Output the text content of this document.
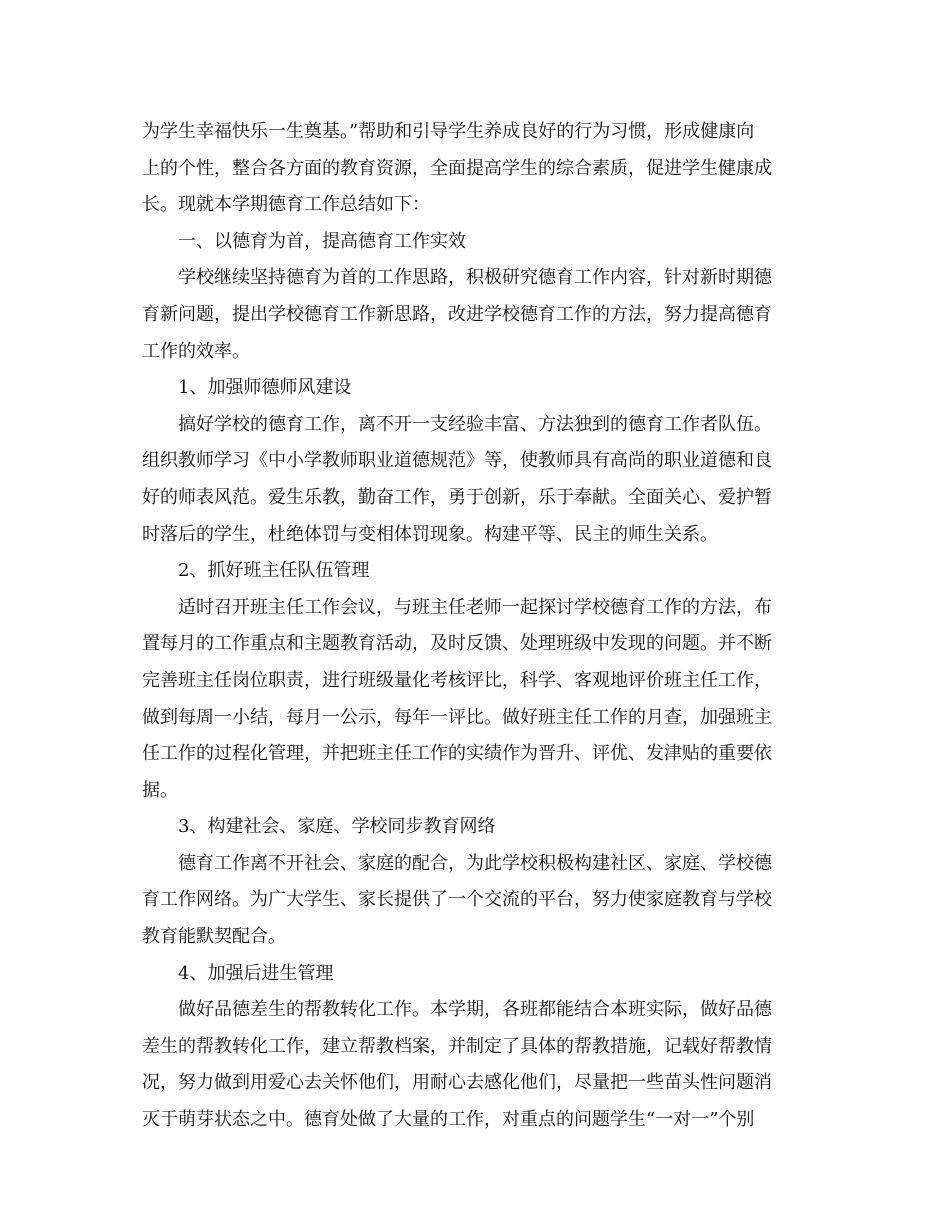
为学生幸福快乐一生奠基。”帮助和引导学生养成良好的行为习惯，形成健康向
上的个性，整合各方面的教育资源，全面提高学生的综合素质，促进学生健康成
长。现就本学期德育工作总结如下：
一、以德育为首，提高德育工作实效
学校继续坚持德育为首的工作思路，积极研究德育工作内容，针对新时期德
育新问题，提出学校德育工作新思路，改进学校德育工作的方法，努力提高德育
工作的效率。
1、加强师德师风建设
搞好学校的德育工作，离不开一支经验丰富、方法独到的德育工作者队伍。
组织教师学习《中小学教师职业道德规范》等，使教师具有高尚的职业道德和良
好的师表风范。爱生乐教，勤奋工作，勇于创新，乐于奉献。全面关心、爱护暂
时落后的学生，杜绝体罚与变相体罚现象。构建平等、民主的师生关系。
2、抓好班主任队伍管理
适时召开班主任工作会议，与班主任老师一起探讨学校德育工作的方法，布
置每月的工作重点和主题教育活动，及时反馈、处理班级中发现的问题。并不断
完善班主任岗位职责，进行班级量化考核评比，科学、客观地评价班主任工作，
做到每周一小结，每月一公示，每年一评比。做好班主任工作的月查，加强班主
任工作的过程化管理，并把班主任工作的实绩作为晋升、评优、发津贴的重要依
据。
3、构建社会、家庭、学校同步教育网络
德育工作离不开社会、家庭的配合，为此学校积极构建社区、家庭、学校德
育工作网络。为广大学生、家长提供了一个交流的平台，努力使家庭教育与学校
教育能默契配合。
4、加强后进生管理
做好品德差生的帮教转化工作。本学期，各班都能结合本班实际，做好品德
差生的帮教转化工作，建立帮教档案，并制定了具体的帮教措施，记载好帮教情
况，努力做到用爱心去关怀他们，用耐心去感化他们，尽量把一些苗头性问题消
灭于萌芽状态之中。德育处做了大量的工作，对重点的问题学生“一对一”个别
